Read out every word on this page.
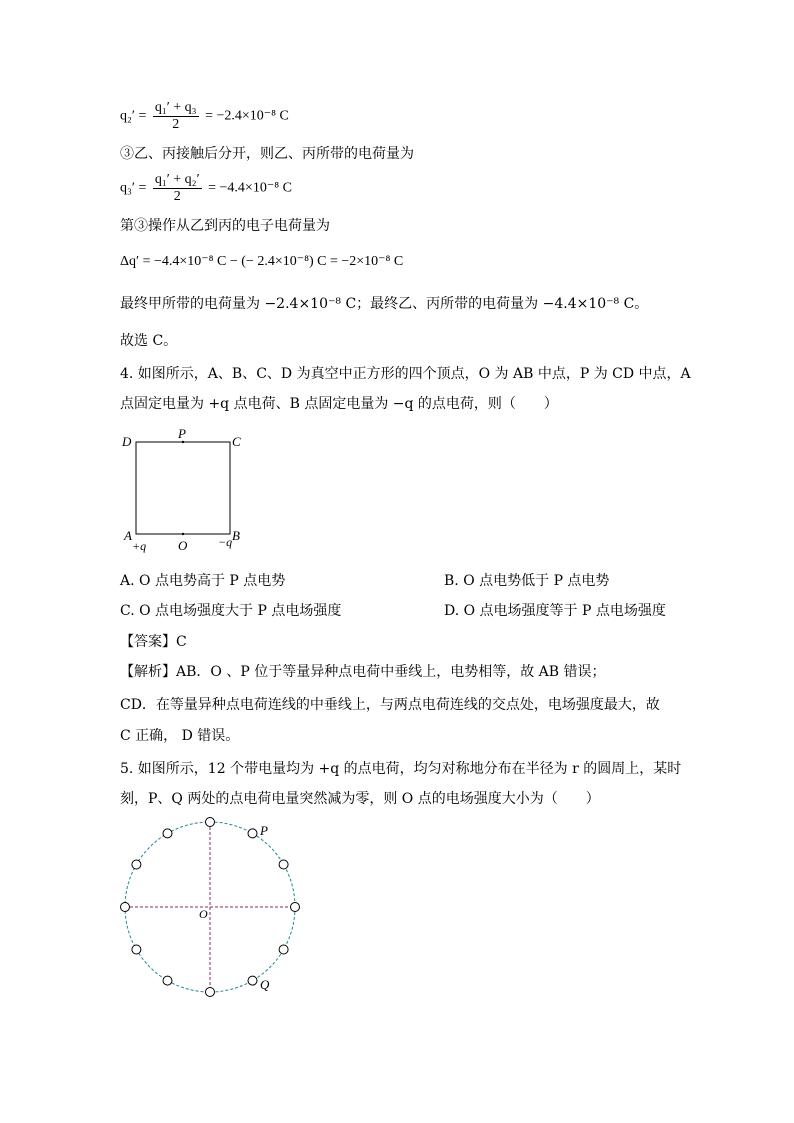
$q_2' = \frac{\text{q₁′ + q₃}}{2} = -2.4\times 10^{-8}$ C
③乙、丙接触后分开，则乙、丙所带的电荷量为
$q_3' = \frac{\text{q₁′ + q₂′}}{2} = -4.4\times 10^{-8}$ C
第③操作从乙到丙的电子电荷量为
Δq′ = −4.4×10⁻⁸ C − (− 2.4×10⁻⁸) C = −2×10⁻⁸ C
最终甲所带的电荷量为 −2.4×10⁻⁸ C；最终乙、丙所带的电荷量为 −4.4×10⁻⁸ C。
故选 C。
4. 如图所示，A、B、C、D 为真空中正方形的四个顶点，O 为 AB 中点，P 为 CD 中点，A
点固定电量为 +q 点电荷、B 点固定电量为 −q 的点电荷，则（　　）
D
P
C
A
+q O	−q B
A. O 点电势高于 P 点电势	B. O 点电势低于 P 点电势
C. O 点电场强度大于 P 点电场强度	D. O 点电场强度等于 P 点电场强度
【答案】C
【解析】AB．O 、P 位于等量异种点电荷中垂线上，电势相等，故 AB 错误；
CD．在等量异种点电荷连线的中垂线上，与两点电荷连线的交点处，电场强度最大，故
C 正确， D 错误。
5. 如图所示，12 个带电量均为 +q 的点电荷，均匀对称地分布在半径为 r 的圆周上，某时
刻，P、Q 两处的点电荷电量突然减为零，则 O 点的电场强度大小为（　　）
P
O
Q
